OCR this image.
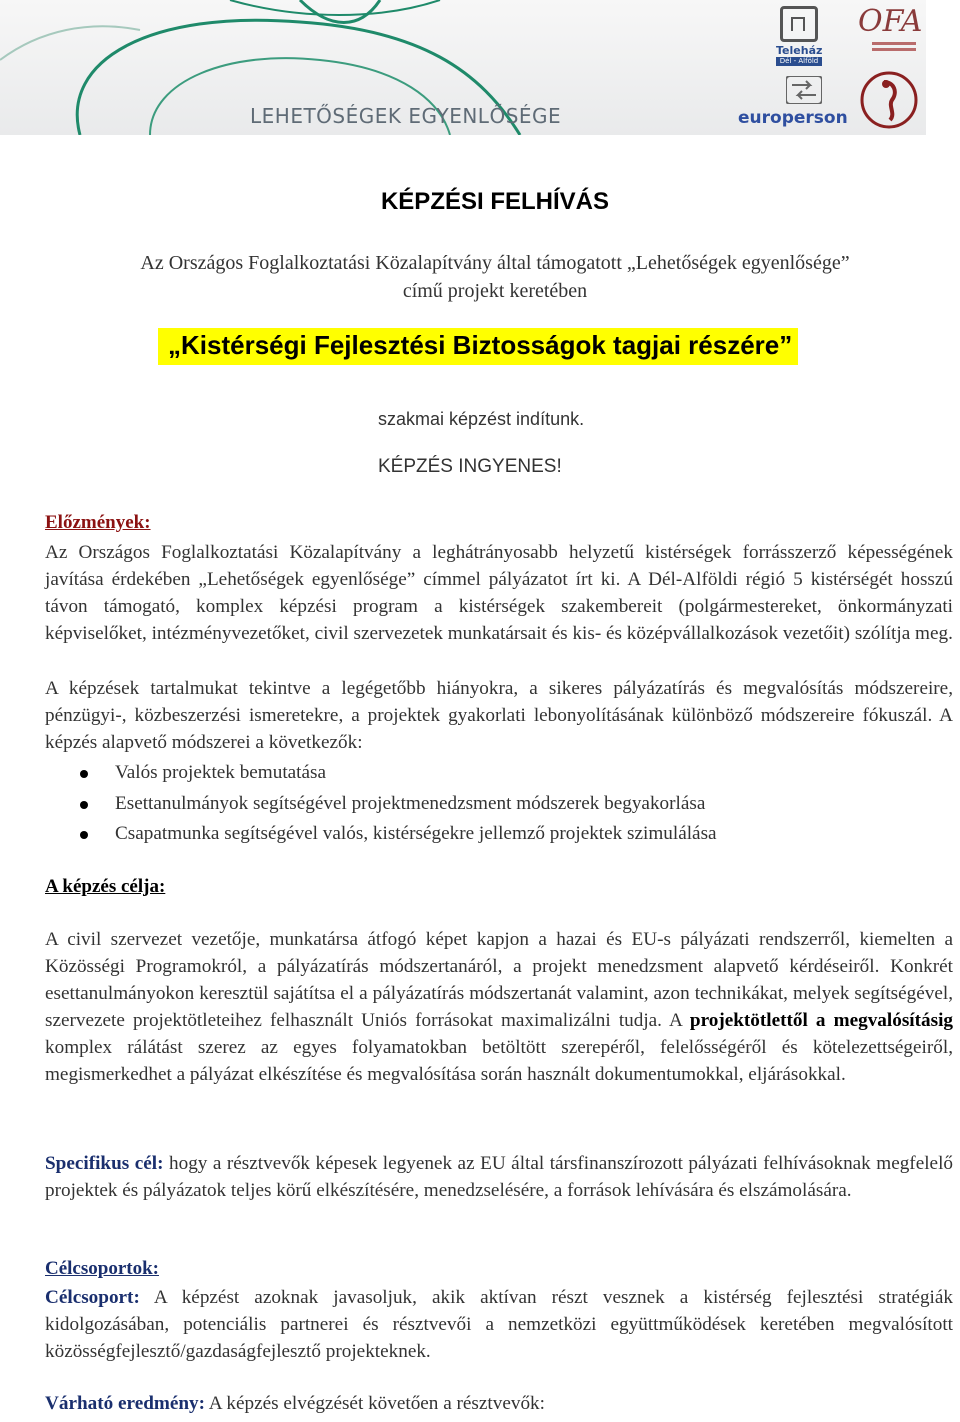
LEHETŐSÉGEK EGYENLŐSÉGE
Teleház
Dél - Alföld
OFA
europerson
KÉPZÉSI FELHÍVÁS
Az Országos Foglalkoztatási Közalapítvány által támogatott „Lehetőségek egyenlősége”
című projekt keretében
„Kistérségi Fejlesztési Biztosságok tagjai részére”
szakmai képzést indítunk.
KÉPZÉS INGYENES!
Előzmények:
Az Országos Foglalkoztatási Közalapítvány a leghátrányosabb helyzetű kistérségek forrásszerző képességének javítása érdekében „Lehetőségek egyenlősége” címmel pályázatot írt ki. A Dél-Alföldi régió 5 kistérségét hosszú távon támogató, komplex képzési program a kistérségek szakembereit (polgármestereket, önkormányzati képviselőket, intézményvezetőket, civil szervezetek munkatársait és kis- és középvállalkozások vezetőit) szólítja meg.
A képzések tartalmukat tekintve a legégetőbb hiányokra, a sikeres pályázatírás és megvalósítás módszereire, pénzügyi-, közbeszerzési ismeretekre, a projektek gyakorlati lebonyolításának különböző módszereire fókuszál. A képzés alapvető módszerei a következők:
Valós projektek bemutatása
Esettanulmányok segítségével projektmenedzsment módszerek begyakorlása
Csapatmunka segítségével valós, kistérségekre jellemző projektek szimulálása
A képzés célja:
A civil szervezet vezetője, munkatársa átfogó képet kapjon a hazai és EU-s pályázati rendszerről, kiemelten a Közösségi Programokról, a pályázatírás módszertanáról, a projekt menedzsment alapvető kérdéseiről. Konkrét esettanulmányokon keresztül sajátítsa el a pályázatírás módszertanát valamint, azon technikákat, melyek segítségével, szervezete projektötleteihez felhasznált Uniós forrásokat maximalizálni tudja. A projektötlettől a megvalósításig komplex rálátást szerez az egyes folyamatokban betöltött szerepéről, felelősségéről és kötelezettségeiről, megismerkedhet a pályázat elkészítése és megvalósítása során használt dokumentumokkal, eljárásokkal.
Specifikus cél: hogy a résztvevők képesek legyenek az EU által társfinanszírozott pályázati felhívásoknak megfelelő projektek és pályázatok teljes körű elkészítésére, menedzselésére, a források lehívására és elszámolására.
Célcsoportok:
Célcsoport: A képzést azoknak javasoljuk, akik aktívan részt vesznek a kistérség fejlesztési stratégiák kidolgozásában, potenciális partnerei és résztvevői a nemzetközi együttműködések keretében megvalósított közösségfejlesztő/gazdaságfejlesztő projekteknek.
Várható eredmény: A képzés elvégzését követően a résztvevők:
